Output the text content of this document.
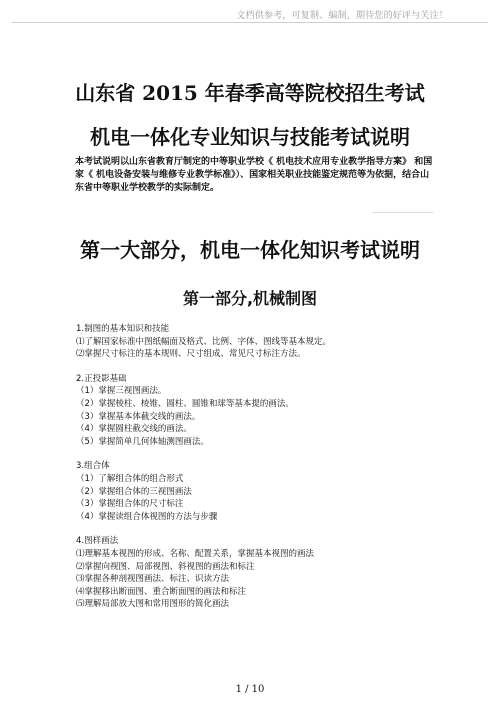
文档供参考，可复制、编制，期待您的好评与关注！
山东省 2015 年春季高等院校招生考试
机电一体化专业知识与技能考试说明
本考试说明以山东省教育厅制定的中等职业学校《 机电技术应用专业教学指导方案》 和国家《 机电设备安装与维修专业教学标准》）、国家相关职业技能鉴定规范等为依据，结合山东省中等职业学校教学的实际制定。
第一大部分，机电一体化知识考试说明
第一部分,机械制图
1.制图的基本知识和技能
⑴了解国家标准中图纸幅面及格式、比例、字体、图线等基本规定。
⑵掌握尺寸标注的基本规则、尺寸组成、常见尺寸标注方法。
2.正投影基础
（1）掌握三视图画法。
（2）掌握棱柱、棱锥、圆柱、圆锥和球等基本提的画法。
（3）掌握基本体截交线的画法。
（4）掌握圆柱截交线的画法。
（5）掌握简单几何体轴测图画法。
3.组合体
（1）了解组合体的组合形式
（2）掌握组合体的三视图画法
（3）掌握组合体的尺寸标注
（4）掌握读组合体视图的方法与步骤
4.图样画法
⑴理解基本视图的形成、名称、配置关系，掌握基本视图的画法
⑵掌握向视图、局部视图、斜视图的画法和标注
⑶掌握各种剖视图画法、标注、识读方法
⑷掌握移出断面图、重合断面图的画法和标注
⑸理解局部放大图和常用图形的简化画法
1 / 10
